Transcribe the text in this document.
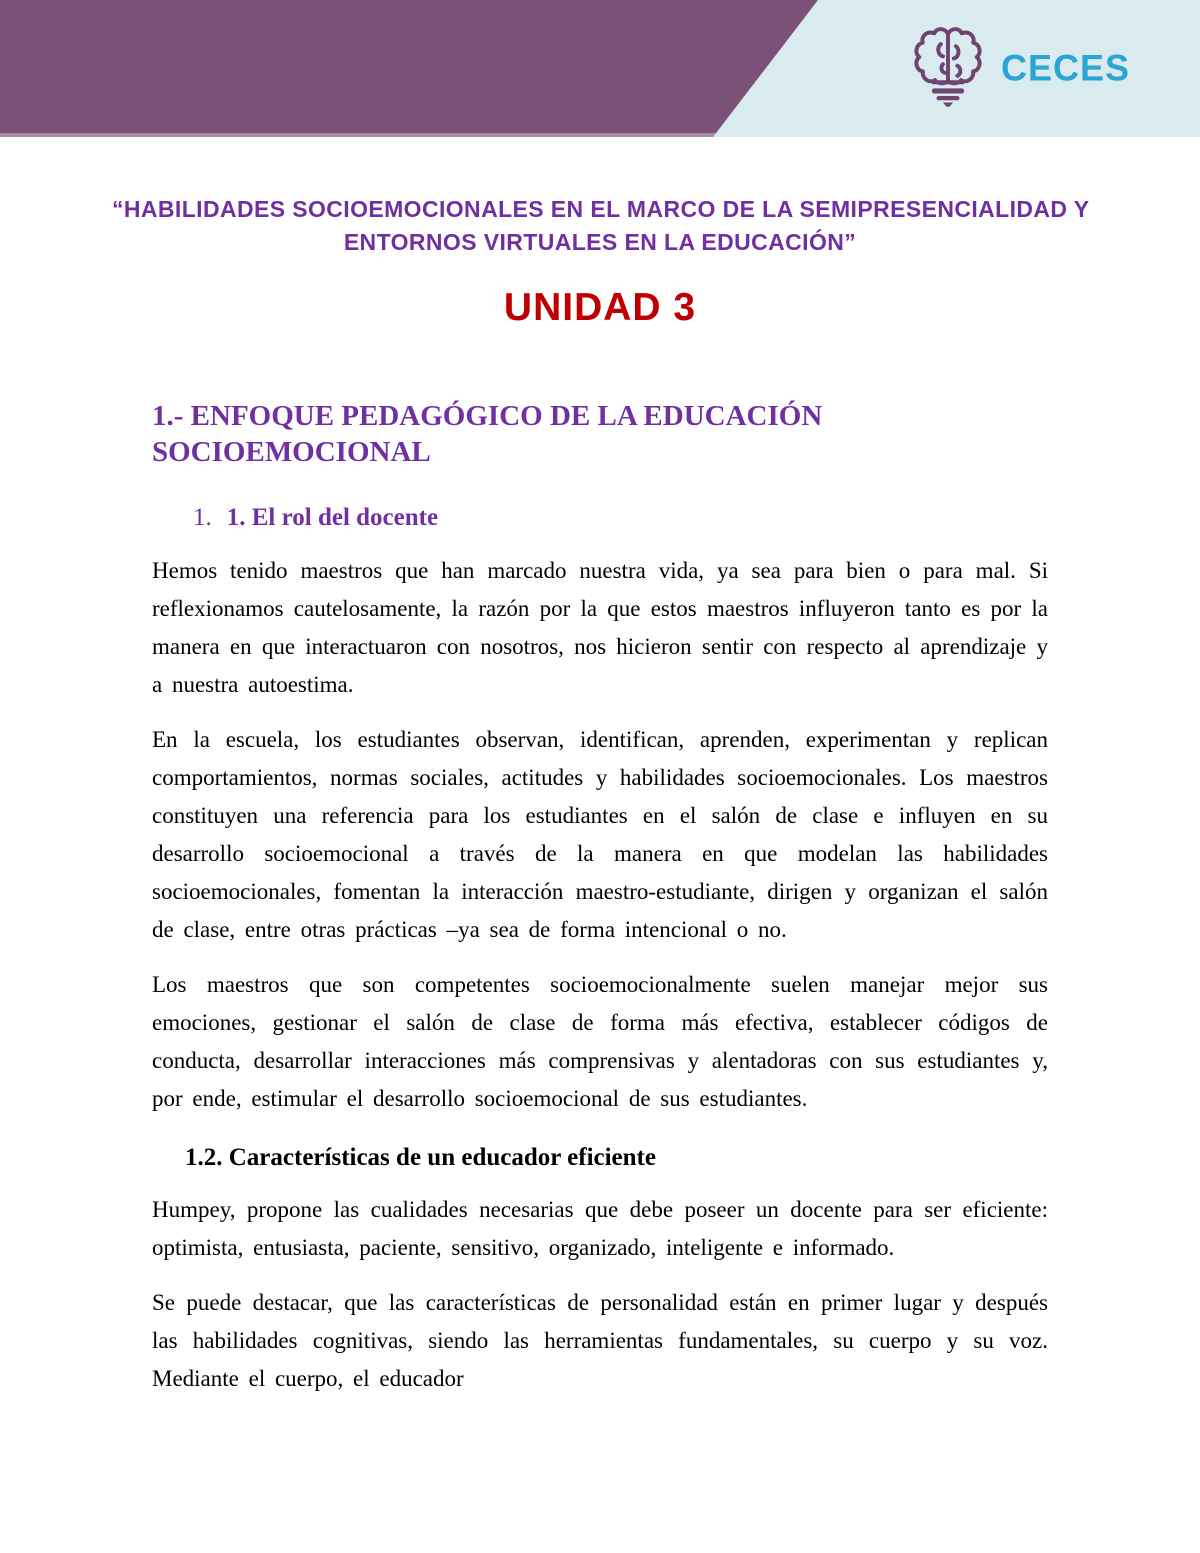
CECES
“HABILIDADES SOCIOEMOCIONALES EN EL MARCO DE LA SEMIPRESENCIALIDAD Y
ENTORNOS VIRTUALES EN LA EDUCACIÓN”
UNIDAD 3
1.- ENFOQUE PEDAGÓGICO DE LA EDUCACIÓN SOCIOEMOCIONAL
1. 1. El rol del docente

Hemos tenido maestros que han marcado nuestra vida, ya sea para bien o para mal. Si reflexionamos cautelosamente, la razón por la que estos maestros influyeron tanto es por la manera en que interactuaron con nosotros, nos hicieron sentir con respecto al aprendizaje y a nuestra autoestima.

En la escuela, los estudiantes observan, identifican, aprenden, experimentan y replican comportamientos, normas sociales, actitudes y habilidades socioemocionales. Los maestros constituyen una referencia para los estudiantes en el salón de clase e influyen en su desarrollo socioemocional a través de la manera en que modelan las habilidades socioemocionales, fomentan la interacción maestro-estudiante, dirigen y organizan el salón de clase, entre otras prácticas –ya sea de forma intencional o no.

Los maestros que son competentes socioemocionalmente suelen manejar mejor sus emociones, gestionar el salón de clase de forma más efectiva, establecer códigos de conducta, desarrollar interacciones más comprensivas y alentadoras con sus estudiantes y, por ende, estimular el desarrollo socioemocional de sus estudiantes.

1.2. Características de un educador eficiente

Humpey, propone las cualidades necesarias que debe poseer un docente para ser eficiente: optimista, entusiasta, paciente, sensitivo, organizado, inteligente e informado.

Se puede destacar, que las características de personalidad están en primer lugar y después las habilidades cognitivas, siendo las herramientas fundamentales, su cuerpo y su voz. Mediante el cuerpo, el educador
